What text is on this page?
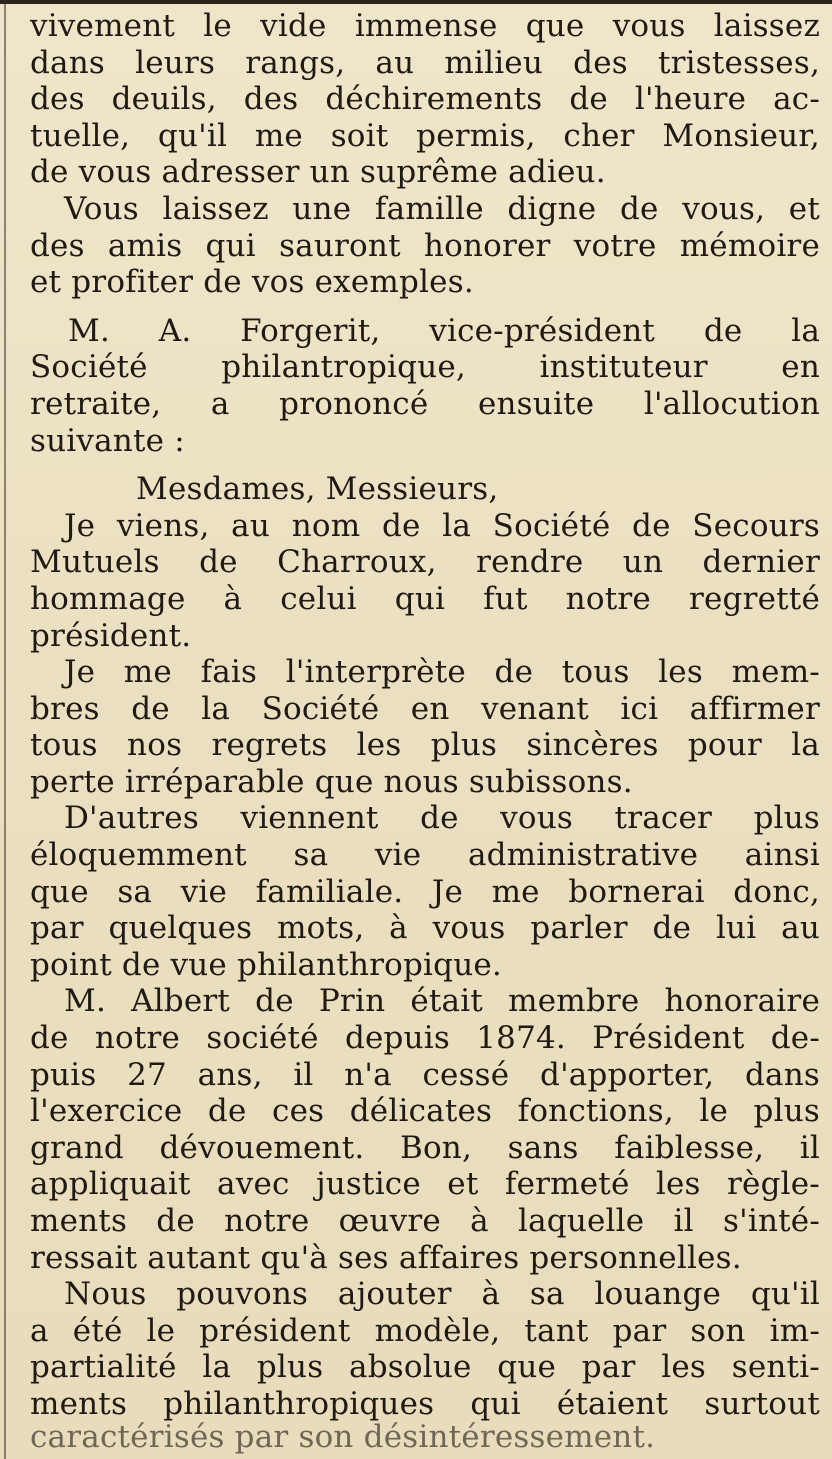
vivement le vide immense que vous laissez
dans leurs rangs, au milieu des tristesses,
des deuils, des déchirements de l'heure ac-
tuelle, qu'il me soit permis, cher Monsieur,
de vous adresser un suprême adieu.
Vous laissez une famille digne de vous, et
des amis qui sauront honorer votre mémoire
et profiter de vos exemples.
M. A. Forgerit, vice-président de la
Société philantropique, instituteur en
retraite, a prononcé ensuite l'allocution
suivante :
Mesdames, Messieurs,
Je viens, au nom de la Société de Secours
Mutuels de Charroux, rendre un dernier
hommage à celui qui fut notre regretté
président.
Je me fais l'interprète de tous les mem-
bres de la Société en venant ici affirmer
tous nos regrets les plus sincères pour la
perte irréparable que nous subissons.
D'autres viennent de vous tracer plus
éloquemment sa vie administrative ainsi
que sa vie familiale. Je me bornerai donc,
par quelques mots, à vous parler de lui au
point de vue philanthropique.
M. Albert de Prin était membre honoraire
de notre société depuis 1874. Président de-
puis 27 ans, il n'a cessé d'apporter, dans
l'exercice de ces délicates fonctions, le plus
grand dévouement. Bon, sans faiblesse, il
appliquait avec justice et fermeté les règle-
ments de notre œuvre à laquelle il s'inté-
ressait autant qu'à ses affaires personnelles.
Nous pouvons ajouter à sa louange qu'il
a été le président modèle, tant par son im-
partialité la plus absolue que par les senti-
ments philanthropiques qui étaient surtout
caractérisés par son désintéressement.
